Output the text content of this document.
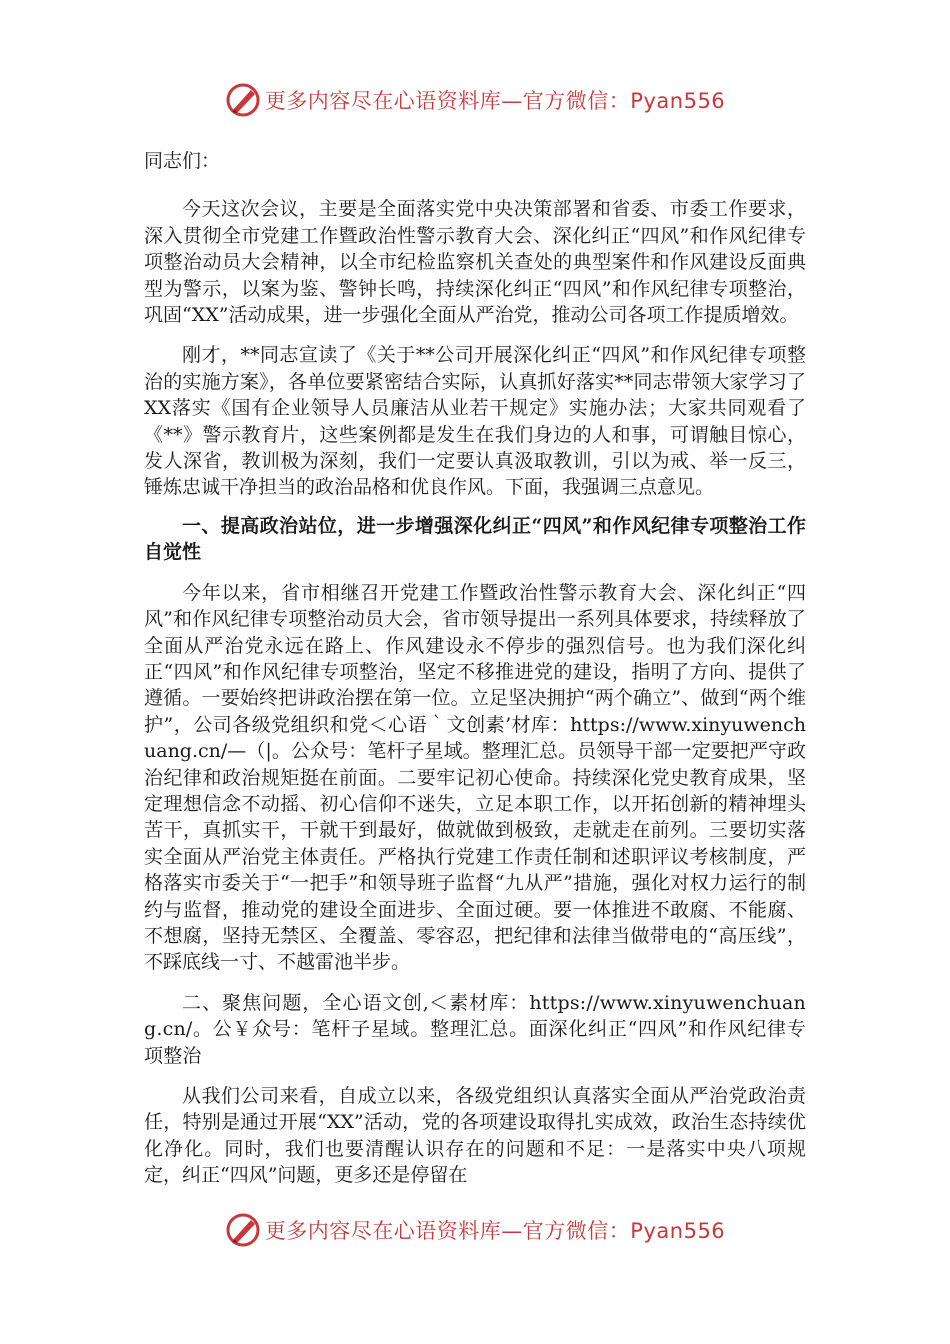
更多内容尽在心语资料库—官方微信：Pyan556

同志们：

今天这次会议，主要是全面落实党中央决策部署和省委、市委工作要求，深入贯彻全市党建工作暨政治性警示教育大会、深化纠正“四风”和作风纪律专项整治动员大会精神，以全市纪检监察机关查处的典型案件和作风建设反面典型为警示，以案为鉴、警钟长鸣，持续深化纠正“四风”和作风纪律专项整治，巩固“XX”活动成果，进一步强化全面从严治党，推动公司各项工作提质增效。

刚才，**同志宣读了《关于**公司开展深化纠正“四风”和作风纪律专项整治的实施方案》，各单位要紧密结合实际，认真抓好落实**同志带领大家学习了XX落实《国有企业领导人员廉洁从业若干规定》实施办法；大家共同观看了《**》警示教育片，这些案例都是发生在我们身边的人和事，可谓触目惊心，发人深省，教训极为深刻，我们一定要认真汲取教训，引以为戒、举一反三，锤炼忠诚干净担当的政治品格和优良作风。下面，我强调三点意见。

一、提高政治站位，进一步增强深化纠正“四风”和作风纪律专项整治工作自觉性

今年以来，省市相继召开党建工作暨政治性警示教育大会、深化纠正“四风”和作风纪律专项整治动员大会，省市领导提出一系列具体要求，持续释放了全面从严治党永远在路上、作风建设永不停步的强烈信号。也为我们深化纠正“四风”和作风纪律专项整治，坚定不移推进党的建设，指明了方向、提供了遵循。一要始终把讲政治摆在第一位。立足坚决拥护“两个确立”、做到“两个维护”，公司各级党组织和党＜心语｀文创素’材库：https://www.xinyuwenchuang.cn/—（|。公众号：笔杆子星域。整理汇总。员领导干部一定要把严守政治纪律和政治规矩挺在前面。二要牢记初心使命。持续深化党史教育成果，坚定理想信念不动摇、初心信仰不迷失，立足本职工作，以开拓创新的精神埋头苦干，真抓实干，干就干到最好，做就做到极致，走就走在前列。三要切实落实全面从严治党主体责任。严格执行党建工作责任制和述职评议考核制度，严格落实市委关于“一把手”和领导班子监督“九从严”措施，强化对权力运行的制约与监督，推动党的建设全面进步、全面过硬。要一体推进不敢腐、不能腐、不想腐，坚持无禁区、全覆盖、零容忍，把纪律和法律当做带电的“高压线”，不踩底线一寸、不越雷池半步。

二、聚焦问题，全心语文创,＜素材库：https://www.xinyuwenchuang.cn/。公￥众号：笔杆子星域。整理汇总。面深化纠正“四风”和作风纪律专项整治

从我们公司来看，自成立以来，各级党组织认真落实全面从严治党政治责任，特别是通过开展“XX”活动，党的各项建设取得扎实成效，政治生态持续优化净化。同时，我们也要清醒认识存在的问题和不足：一是落实中央八项规定，纠正“四风”问题，更多还是停留在

更多内容尽在心语资料库—官方微信：Pyan556
